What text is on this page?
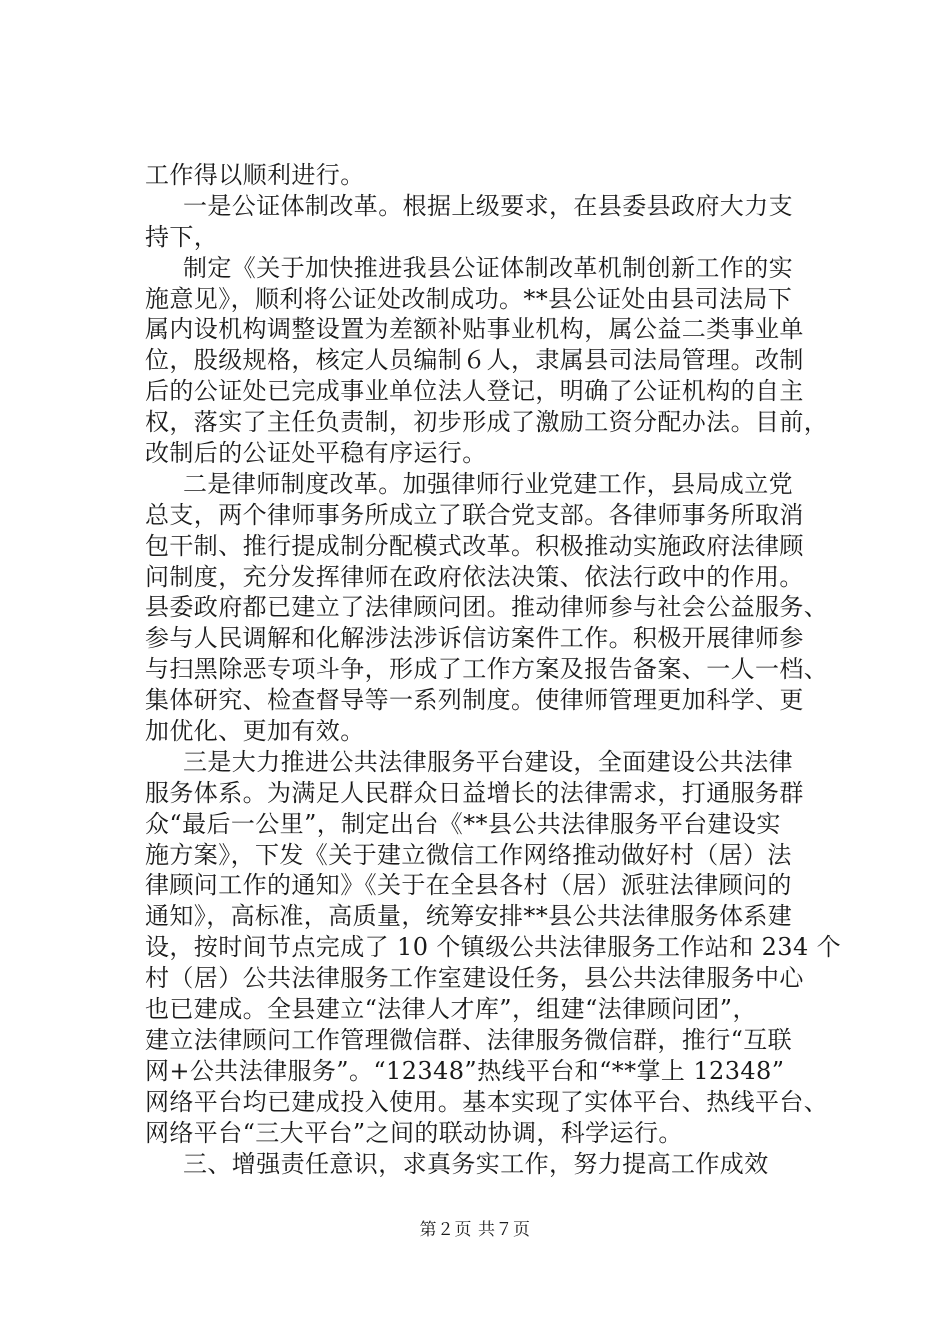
工作得以顺利进行。
一是公证体制改革。根据上级要求，在县委县政府大力支
持下，
制定《关于加快推进我县公证体制改革机制创新工作的实
施意见》，顺利将公证处改制成功。**县公证处由县司法局下
属内设机构调整设置为差额补贴事业机构，属公益二类事业单
位，股级规格，核定人员编制６人，隶属县司法局管理。改制
后的公证处已完成事业单位法人登记，明确了公证机构的自主
权，落实了主任负责制，初步形成了激励工资分配办法。目前，
改制后的公证处平稳有序运行。
二是律师制度改革。加强律师行业党建工作，县局成立党
总支，两个律师事务所成立了联合党支部。各律师事务所取消
包干制、推行提成制分配模式改革。积极推动实施政府法律顾
问制度，充分发挥律师在政府依法决策、依法行政中的作用。
县委政府都已建立了法律顾问团。推动律师参与社会公益服务、
参与人民调解和化解涉法涉诉信访案件工作。积极开展律师参
与扫黑除恶专项斗争，形成了工作方案及报告备案、一人一档、
集体研究、检查督导等一系列制度。使律师管理更加科学、更
加优化、更加有效。
三是大力推进公共法律服务平台建设，全面建设公共法律
服务体系。为满足人民群众日益增长的法律需求，打通服务群
众“最后一公里”，制定出台《**县公共法律服务平台建设实
施方案》，下发《关于建立微信工作网络推动做好村（居）法
律顾问工作的通知》《关于在全县各村（居）派驻法律顾问的
通知》，高标准，高质量，统筹安排**县公共法律服务体系建
设，按时间节点完成了 10 个镇级公共法律服务工作站和 234 个
村（居）公共法律服务工作室建设任务，县公共法律服务中心
也已建成。全县建立“法律人才库”，组建“法律顾问团”，
建立法律顾问工作管理微信群、法律服务微信群，推行“互联
网+公共法律服务”。“12348”热线平台和“**掌上 12348”
网络平台均已建成投入使用。基本实现了实体平台、热线平台、
网络平台“三大平台”之间的联动协调，科学运行。
三、增强责任意识，求真务实工作，努力提高工作成效
第２页 共７页
